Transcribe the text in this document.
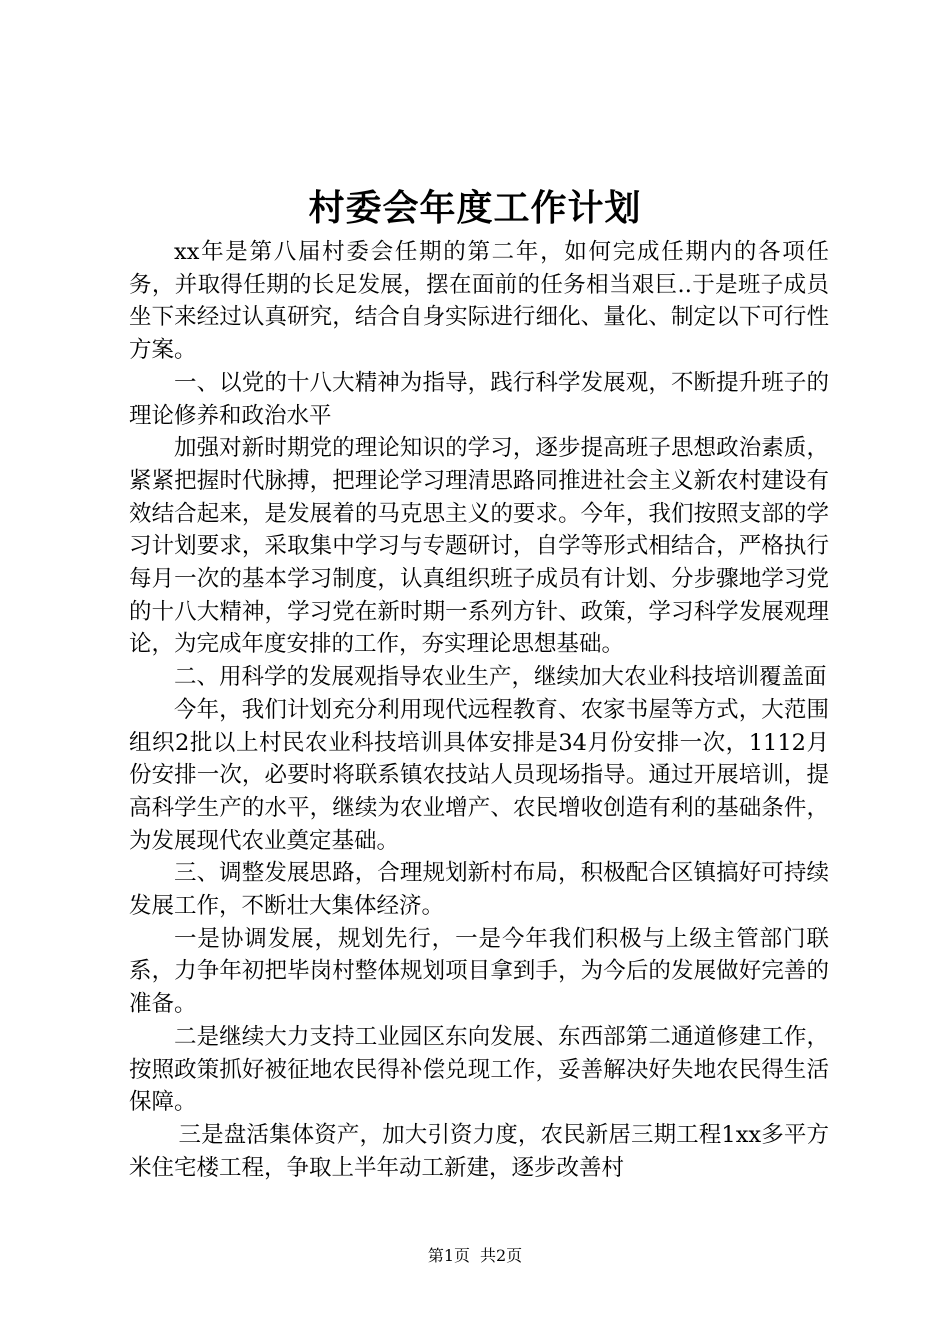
村委会年度工作计划

xx年是第八届村委会任期的第二年，如何完成任期内的各项任务，并取得任期的长足发展，摆在面前的任务相当艰巨..于是班子成员坐下来经过认真研究，结合自身实际进行细化、量化、制定以下可行性方案。

一、以党的十八大精神为指导，践行科学发展观，不断提升班子的理论修养和政治水平

加强对新时期党的理论知识的学习，逐步提高班子思想政治素质，紧紧把握时代脉搏，把理论学习理清思路同推进社会主义新农村建设有效结合起来，是发展着的马克思主义的要求。今年，我们按照支部的学习计划要求，采取集中学习与专题研讨，自学等形式相结合，严格执行每月一次的基本学习制度，认真组织班子成员有计划、分步骤地学习党的十八大精神，学习党在新时期一系列方针、政策，学习科学发展观理论，为完成年度安排的工作，夯实理论思想基础。

二、用科学的发展观指导农业生产，继续加大农业科技培训覆盖面

今年，我们计划充分利用现代远程教育、农家书屋等方式，大范围组织2批以上村民农业科技培训具体安排是34月份安排一次，1112月份安排一次，必要时将联系镇农技站人员现场指导。通过开展培训，提高科学生产的水平，继续为农业增产、农民增收创造有利的基础条件，为发展现代农业奠定基础。

三、调整发展思路，合理规划新村布局，积极配合区镇搞好可持续发展工作，不断壮大集体经济。

一是协调发展，规划先行，一是今年我们积极与上级主管部门联系，力争年初把毕岗村整体规划项目拿到手，为今后的发展做好完善的准备。

二是继续大力支持工业园区东向发展、东西部第二通道修建工作，按照政策抓好被征地农民得补偿兑现工作，妥善解决好失地农民得生活保障。

三是盘活集体资产，加大引资力度，农民新居三期工程1xx多平方米住宅楼工程，争取上半年动工新建，逐步改善村

第1页 共2页
